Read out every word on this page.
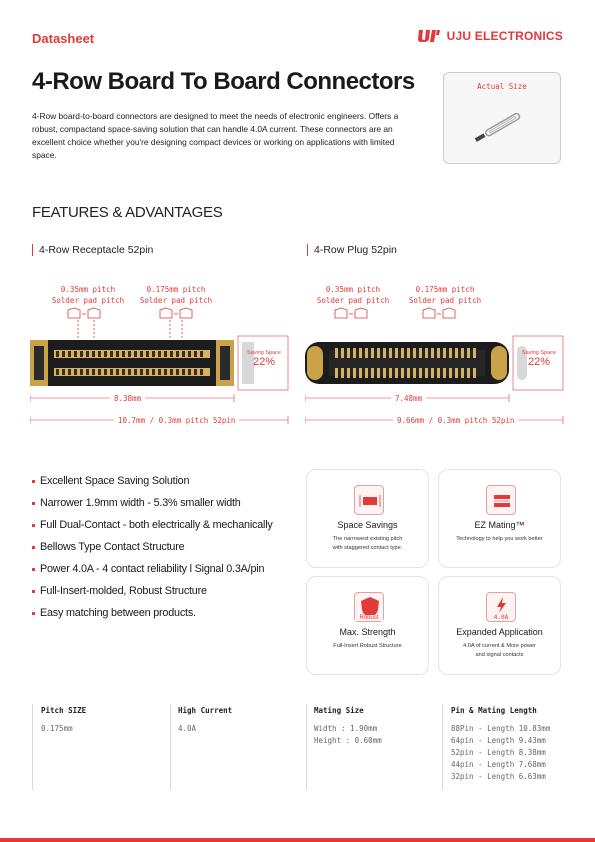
Datasheet	UJU ELECTRONICS
4-Row Board To Board Connectors
4-Row board-to-board connectors are designed to meet the needs of electronic engineers. Offers a robust, compactand space-saving solution that can handle 4.0A current. These connectors are an excellent choice whether you're designing compact devices or working on applications with limited space.
Actual Size
FEATURES & ADVANTAGES
4-Row Receptacle 52pin
0.35mm pitch
Solder pad pitch
0.175mm pitch
Solder pad pitch
Saving Space
22%
8.38mm
10.7mm / 0.3mm pitch 52pin
4-Row Plug 52pin
0.35mm pitch
Solder pad pitch
0.175mm pitch
Solder pad pitch
Saving Space
22%
7.48mm
9.66mm / 0.3mm pitch 52pin
Excellent Space Saving Solution
Narrower 1.9mm width - 5.3% smaller width
Full Dual-Contact - both electrically & mechanically
Bellows Type Contact Structure
Power 4.0A - 4 contact reliability l Signal 0.3A/pin
Full-Insert-molded, Robust Structure
Easy matching between products.
Space Savings
The narrowest existing pitch
with staggered contact type.
EZ Mating™
Technology to help you work better
Robust
Max. Strength
Full-Insert Robust Structure
4.0A
Expanded Application
4.0A of current & More power
and signal contacts
Pitch SIZE
0.175mm
High Current
4.0A
Mating Size
Width : 1.90mm
Height : 0.60mm
Pin & Mating Length
88Pin - Length 10.83mm
64pin - Length 9.43mm
52pin - Length 8.38mm
44pin - Length 7.68mm
32pin - Length 6.63mm
